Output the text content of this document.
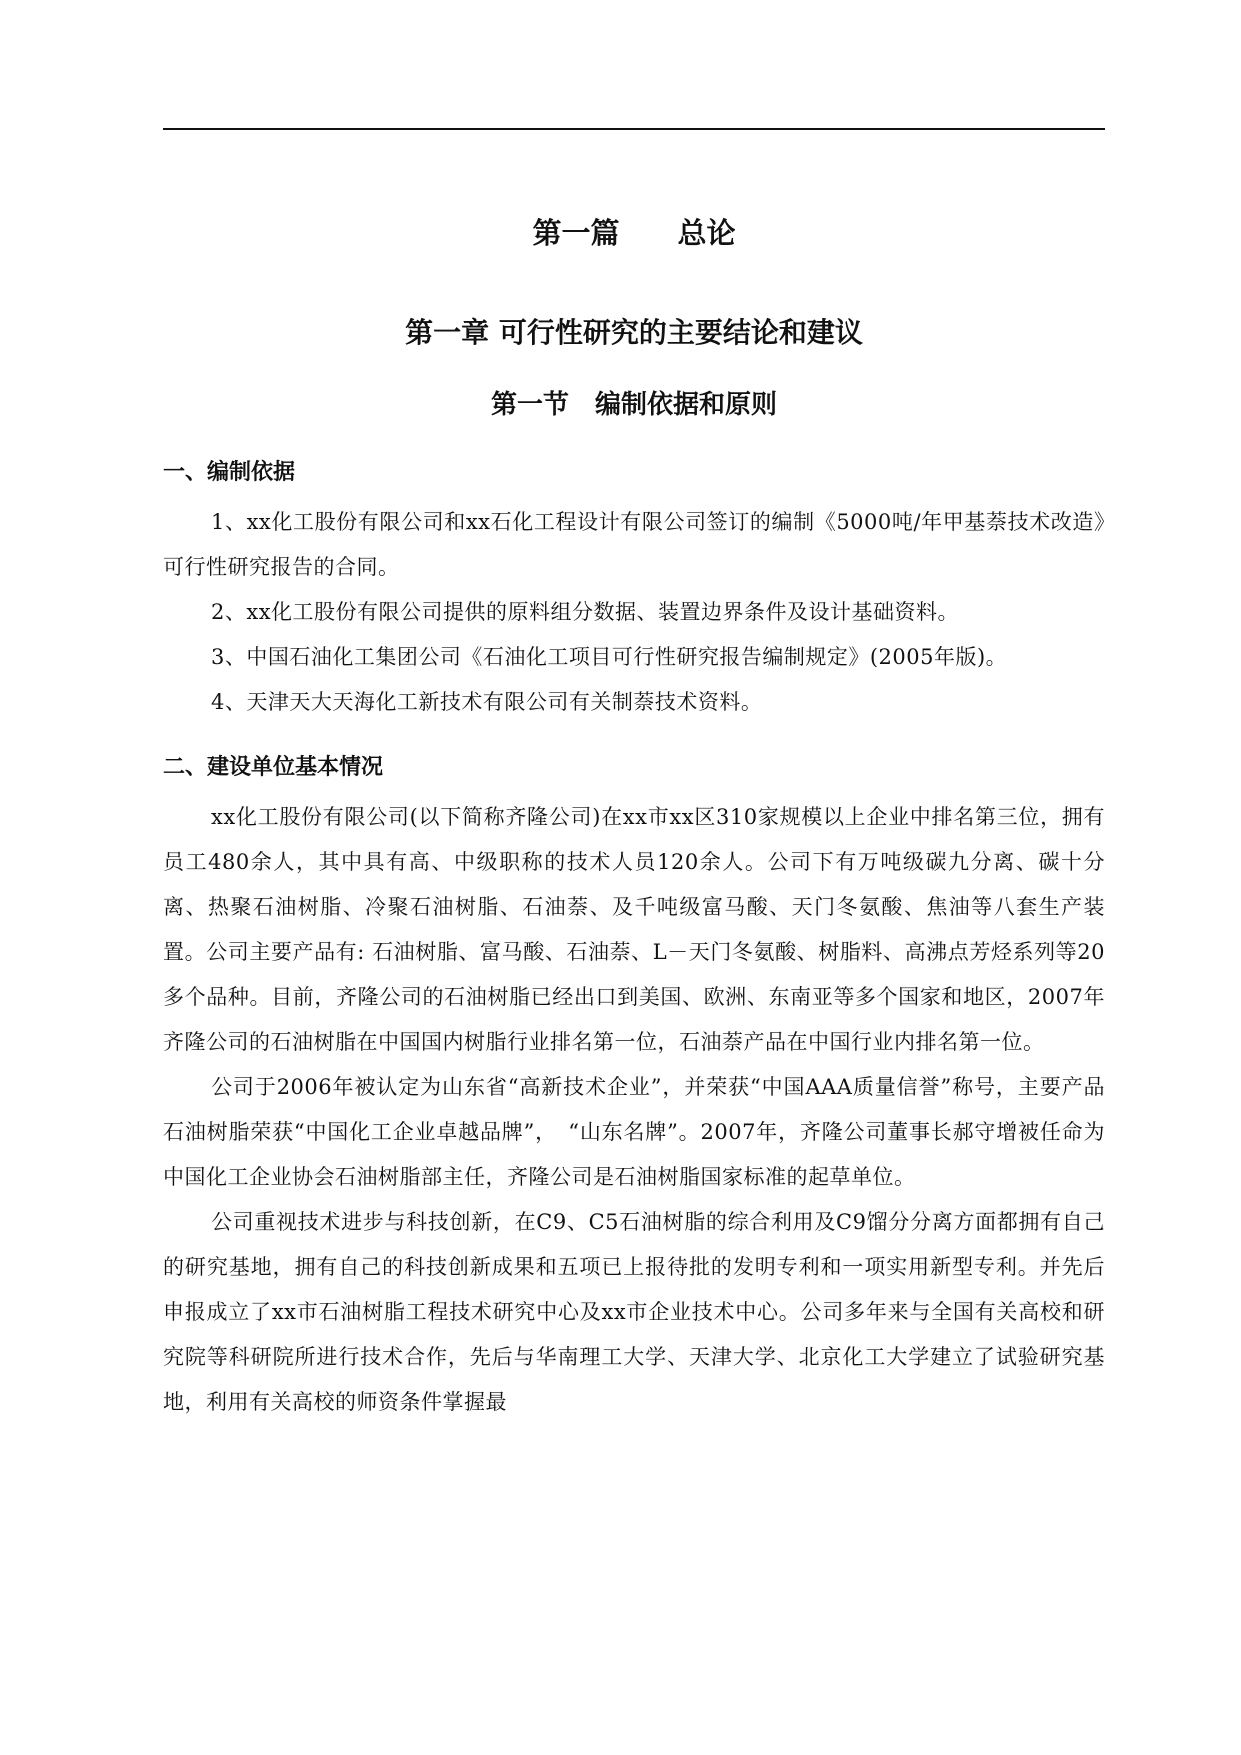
第一篇　　总论
第一章 可行性研究的主要结论和建议
第一节　编制依据和原则
一、编制依据

1、xx化工股份有限公司和xx石化工程设计有限公司签订的编制《5000吨/年甲基萘技术改造》可行性研究报告的合同。

2、xx化工股份有限公司提供的原料组分数据、装置边界条件及设计基础资料。

3、中国石油化工集团公司《石油化工项目可行性研究报告编制规定》(2005年版)。

4、天津天大天海化工新技术有限公司有关制萘技术资料。

二、建设单位基本情况

xx化工股份有限公司(以下简称齐隆公司)在xx市xx区310家规模以上企业中排名第三位，拥有员工480余人，其中具有高、中级职称的技术人员120余人。公司下有万吨级碳九分离、碳十分离、热聚石油树脂、冷聚石油树脂、石油萘、及千吨级富马酸、天门冬氨酸、焦油等八套生产装置。公司主要产品有: 石油树脂、富马酸、石油萘、L－天门冬氨酸、树脂料、高沸点芳烃系列等20多个品种。目前，齐隆公司的石油树脂已经出口到美国、欧洲、东南亚等多个国家和地区，2007年齐隆公司的石油树脂在中国国内树脂行业排名第一位，石油萘产品在中国行业内排名第一位。

公司于2006年被认定为山东省“高新技术企业”，并荣获“中国AAA质量信誉”称号，主要产品石油树脂荣获“中国化工企业卓越品牌”，　“山东名牌”。2007年，齐隆公司董事长郝守增被任命为中国化工企业协会石油树脂部主任，齐隆公司是石油树脂国家标准的起草单位。

公司重视技术进步与科技创新，在C9、C5石油树脂的综合利用及C9馏分分离方面都拥有自己的研究基地，拥有自己的科技创新成果和五项已上报待批的发明专利和一项实用新型专利。并先后申报成立了xx市石油树脂工程技术研究中心及xx市企业技术中心。公司多年来与全国有关高校和研究院等科研院所进行技术合作，先后与华南理工大学、天津大学、北京化工大学建立了试验研究基地，利用有关高校的师资条件掌握最
